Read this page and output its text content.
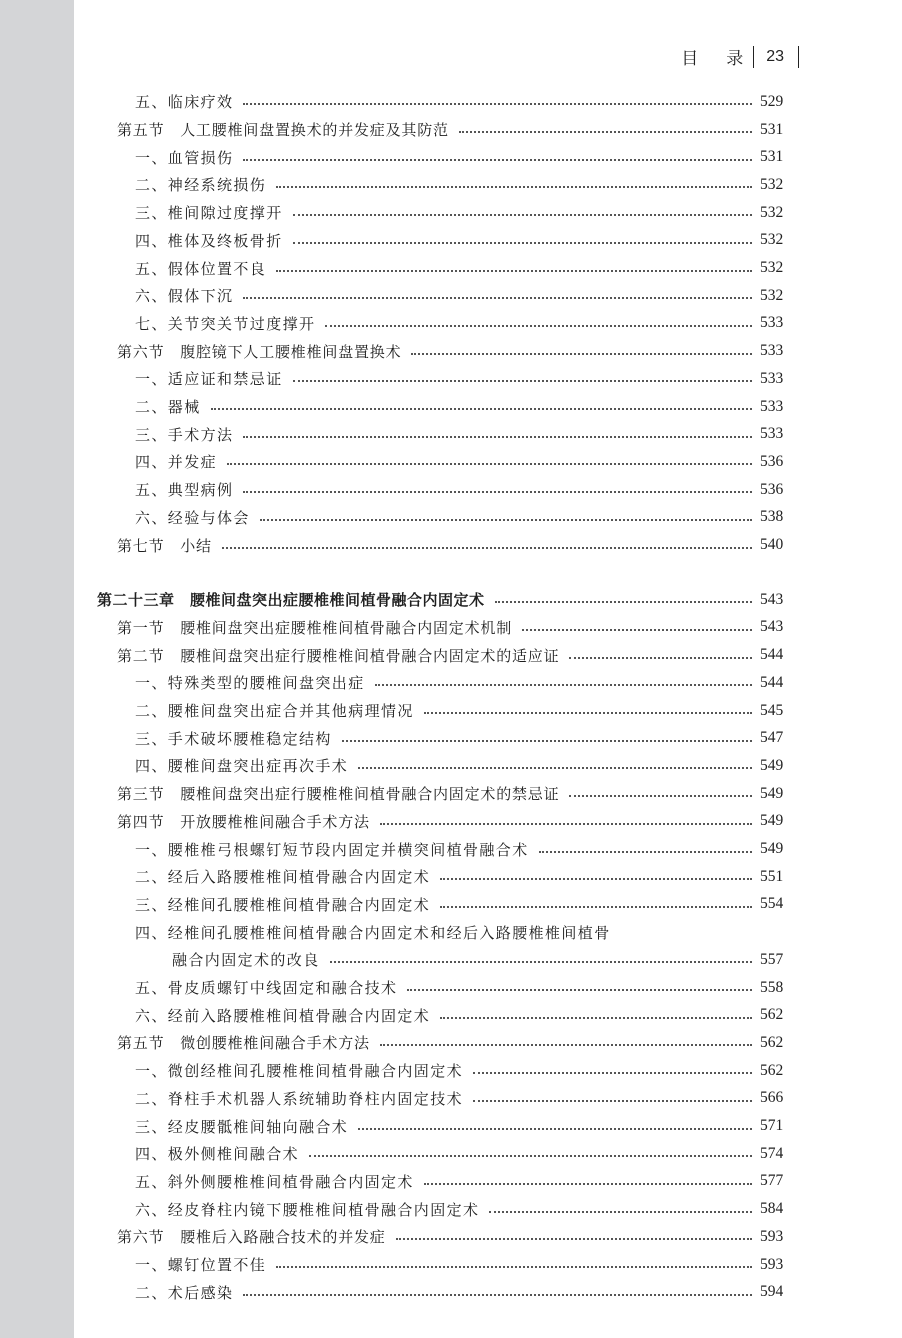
目 录 23
五、临床疗效	529
第五节　人工腰椎间盘置换术的并发症及其防范	531
一、血管损伤	531
二、神经系统损伤	532
三、椎间隙过度撑开	532
四、椎体及终板骨折	532
五、假体位置不良	532
六、假体下沉	532
七、关节突关节过度撑开	533
第六节　腹腔镜下人工腰椎椎间盘置换术	533
一、适应证和禁忌证	533
二、器械	533
三、手术方法	533
四、并发症	536
五、典型病例	536
六、经验与体会	538
第七节　小结	540
第二十三章　腰椎间盘突出症腰椎椎间植骨融合内固定术	543
第一节　腰椎间盘突出症腰椎椎间植骨融合内固定术机制	543
第二节　腰椎间盘突出症行腰椎椎间植骨融合内固定术的适应证	544
一、特殊类型的腰椎间盘突出症	544
二、腰椎间盘突出症合并其他病理情况	545
三、手术破坏腰椎稳定结构	547
四、腰椎间盘突出症再次手术	549
第三节　腰椎间盘突出症行腰椎椎间植骨融合内固定术的禁忌证	549
第四节　开放腰椎椎间融合手术方法	549
一、腰椎椎弓根螺钉短节段内固定并横突间植骨融合术	549
二、经后入路腰椎椎间植骨融合内固定术	551
三、经椎间孔腰椎椎间植骨融合内固定术	554
四、经椎间孔腰椎椎间植骨融合内固定术和经后入路腰椎椎间植骨
融合内固定术的改良	557
五、骨皮质螺钉中线固定和融合技术	558
六、经前入路腰椎椎间植骨融合内固定术	562
第五节　微创腰椎椎间融合手术方法	562
一、微创经椎间孔腰椎椎间植骨融合内固定术	562
二、脊柱手术机器人系统辅助脊柱内固定技术	566
三、经皮腰骶椎间轴向融合术	571
四、极外侧椎间融合术	574
五、斜外侧腰椎椎间植骨融合内固定术	577
六、经皮脊柱内镜下腰椎椎间植骨融合内固定术	584
第六节　腰椎后入路融合技术的并发症	593
一、螺钉位置不佳	593
二、术后感染	594
